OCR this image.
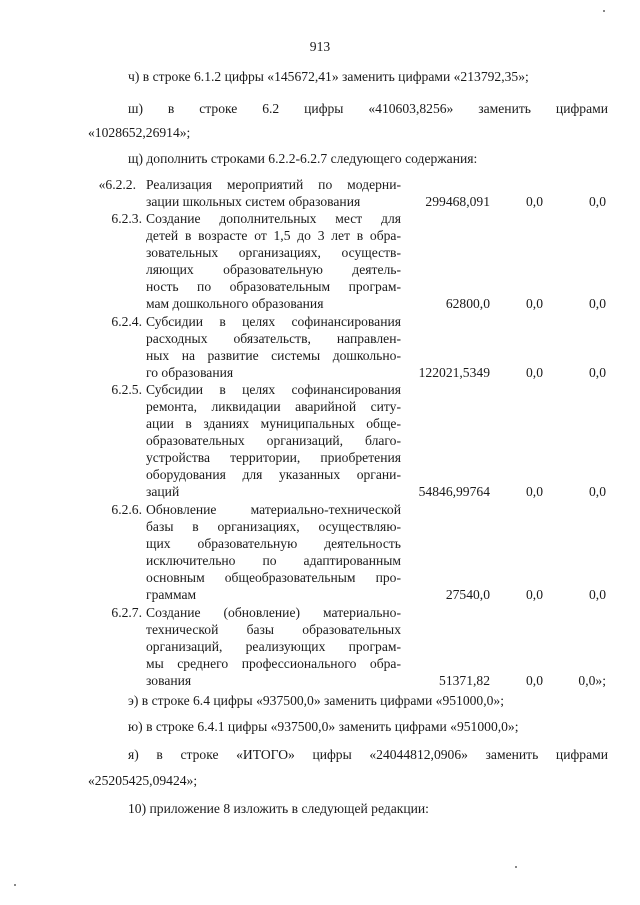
913
ч) в строке 6.1.2 цифры «145672,41» заменить цифрами «213792,35»;
ш) в строке 6.2 цифры «410603,8256» заменить цифрами
«1028652,26914»;
щ) дополнить строками 6.2.2-6.2.7 следующего содержания:
«6.2.2. Реализация мероприятий по модерни-

зации школьных систем образования	299468,091	0,0	0,0
6.2.3. Создание дополнительных мест для
детей в возрасте от 1,5 до 3 лет в обра-
зовательных организациях, осуществ-
ляющих образовательную деятель-
ность по образовательным програм-

мам дошкольного образования	62800,0	0,0	0,0
6.2.4. Субсидии в целях софинансирования
расходных обязательств, направлен-
ных на развитие системы дошкольно-

го образования	122021,5349	0,0	0,0
6.2.5. Субсидии в целях софинансирования
ремонта, ликвидации аварийной ситу-
ации в зданиях муниципальных обще-
образовательных организаций, благо-
устройства территории, приобретения
оборудования для указанных органи-

заций	54846,99764	0,0	0,0
6.2.6. Обновление материально-технической
базы в организациях, осуществляю-
щих образовательную деятельность
исключительно по адаптированным
основным общеобразовательным про-

граммам	27540,0	0,0	0,0
6.2.7. Создание (обновление) материально-
технической базы образовательных
организаций, реализующих програм-
мы среднего профессионального обра-

зования	51371,82	0,0	0,0»;
э) в строке 6.4 цифры «937500,0» заменить цифрами «951000,0»;
ю) в строке 6.4.1 цифры «937500,0» заменить цифрами «951000,0»;
я) в строке «ИТОГО» цифры «24044812,0906» заменить цифрами
«25205425,09424»;
10) приложение 8 изложить в следующей редакции:
